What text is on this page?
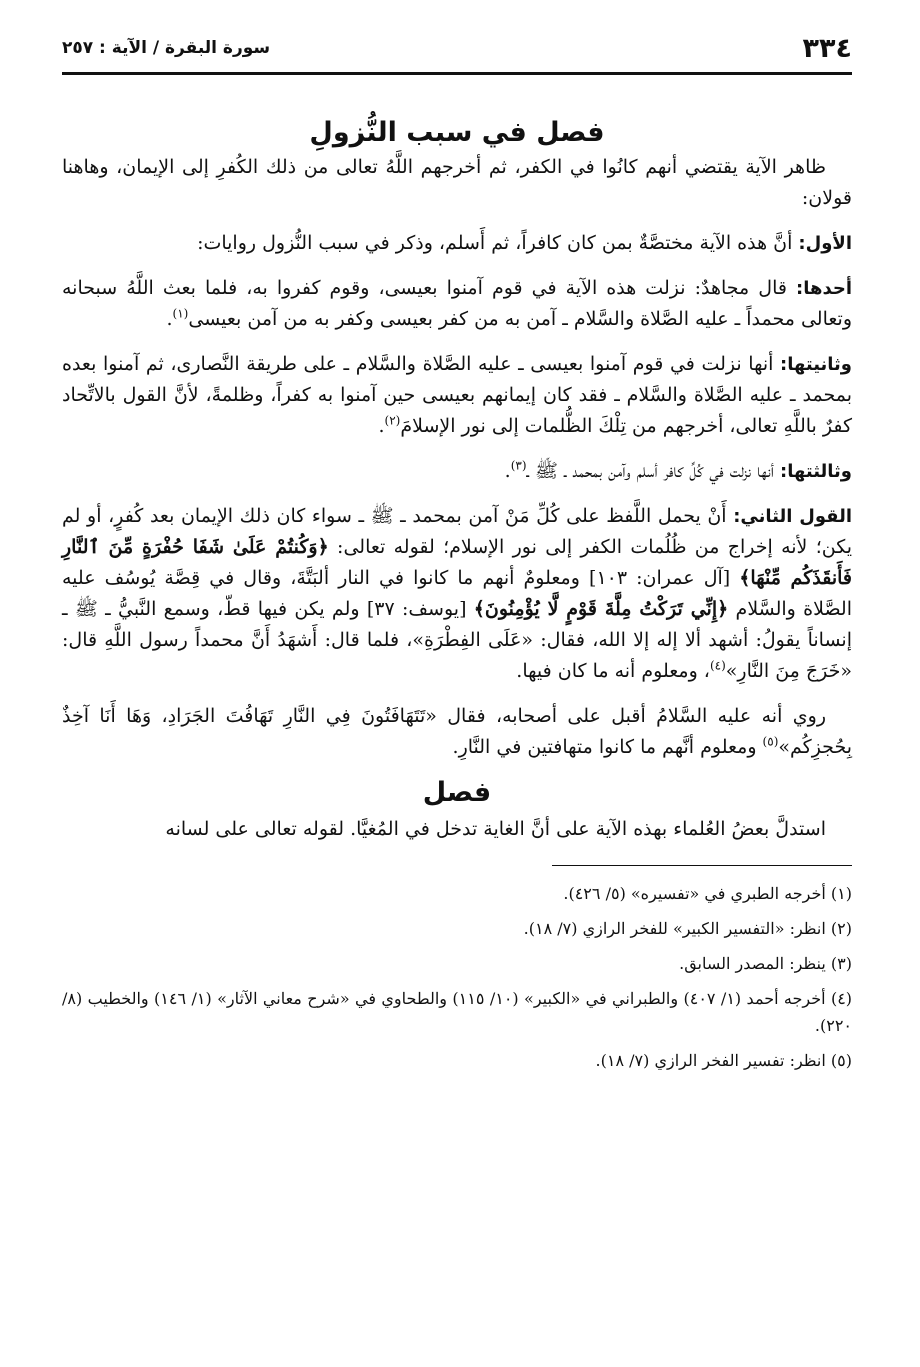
٣٣٤
سورة البقرة / الآية : ٢٥٧
فصل في سبب النُّزولِ

ظاهر الآية يقتضي أنهم كانُوا في الكفر، ثم أخرجهم اللَّهُ تعالى من ذلك الكُفرِ إلى الإيمان، وهاهنا قولان:

الأول: أنَّ هذه الآية مختصَّةٌ بمن كان كافراً، ثم أَسلم، وذكر في سبب النُّزول روايات:

أحدها: قال مجاهدٌ: نزلت هذه الآية في قوم آمنوا بعيسى، وقوم كفروا به، فلما بعث اللَّهُ سبحانه وتعالى محمداً ـ عليه الصَّلاة والسَّلام ـ آمن به من كفر بعيسى وكفر به من آمن بعيسى$^{(١)}$.

وثانيتها: أنها نزلت في قوم آمنوا بعيسى ـ عليه الصَّلاة والسَّلام ـ على طريقة النَّصارى، ثم آمنوا بعده بمحمد ـ عليه الصَّلاة والسَّلام ـ فقد كان إيمانهم بعيسى حين آمنوا به كفراً، وظلمةً، لأنَّ القول بالاتِّحاد كفرٌ باللَّهِ تعالى، أخرجهم من تِلْكَ الظُّلمات إلى نور الإسلامَ$^{(٢)}$.

وثالثتها: أنها نزلت في كُلِّ كافر أسلم وآمن بمحمد ـ ﷺ ـ$^{(٣)}$.

القول الثاني: أَنْ يحمل اللَّفظ على كُلِّ مَنْ آمن بمحمد ـ ﷺ ـ سواء كان ذلك الإيمان بعد كُفرٍ، أو لم يكن؛ لأنه إخراج من ظُلُمات الكفر إلى نور الإسلام؛ لقوله تعالى: ﴿وَكُنتُمْ عَلَىٰ شَفَا حُفْرَةٍ مِّنَ ٱلنَّارِ فَأَنقَذَكُم مِّنْهَا﴾ [آل عمران: ١٠٣] ومعلومٌ أنهم ما كانوا في النار ألبَتَّةَ، وقال في قِصَّة يُوسُف عليه الصَّلاة والسَّلام ﴿إِنِّي تَرَكْتُ مِلَّةَ قَوْمٍ لَّا يُؤْمِنُونَ﴾ [يوسف: ٣٧] ولم يكن فيها قطّ، وسمع النَّبيُّ ـ ﷺ ـ إنساناً يقولُ: أشهد ألا إله إلا الله، فقال: «عَلَى الفِطْرَةِ»، فلما قال: أَشهَدُ أَنَّ محمداً رسول اللَّهِ قال: «خَرَجَ مِنَ النَّارِ»$^{(٤)}$، ومعلوم أنه ما كان فيها.

روي أنه عليه السَّلامُ أقبل على أصحابه، فقال «تَتَهَافَتُونَ فِي النَّارِ تَهَافُتَ الجَرَادِ، وَهَا أَنَا آخِذٌ بِحُجزِكُم»$^{(٥)}$ ومعلوم أنَّهم ما كانوا متهافتين في النَّارِ.

فصل

استدلَّ بعضُ العُلماء بهذه الآية على أنَّ الغاية تدخل في المُغيَّا. لقوله تعالى على لسانه

(١) أخرجه الطبري في «تفسيره» (٥/ ٤٢٦).

(٢) انظر: «التفسير الكبير» للفخر الرازي (٧/ ١٨).

(٣) ينظر: المصدر السابق.

(٤) أخرجه أحمد (١/ ٤٠٧) والطبراني في «الكبير» (١٠/ ١١٥) والطحاوي في «شرح معاني الآثار» (١/ ١٤٦) والخطيب (٨/ ٢٢٠).

(٥) انظر: تفسير الفخر الرازي (٧/ ١٨).
